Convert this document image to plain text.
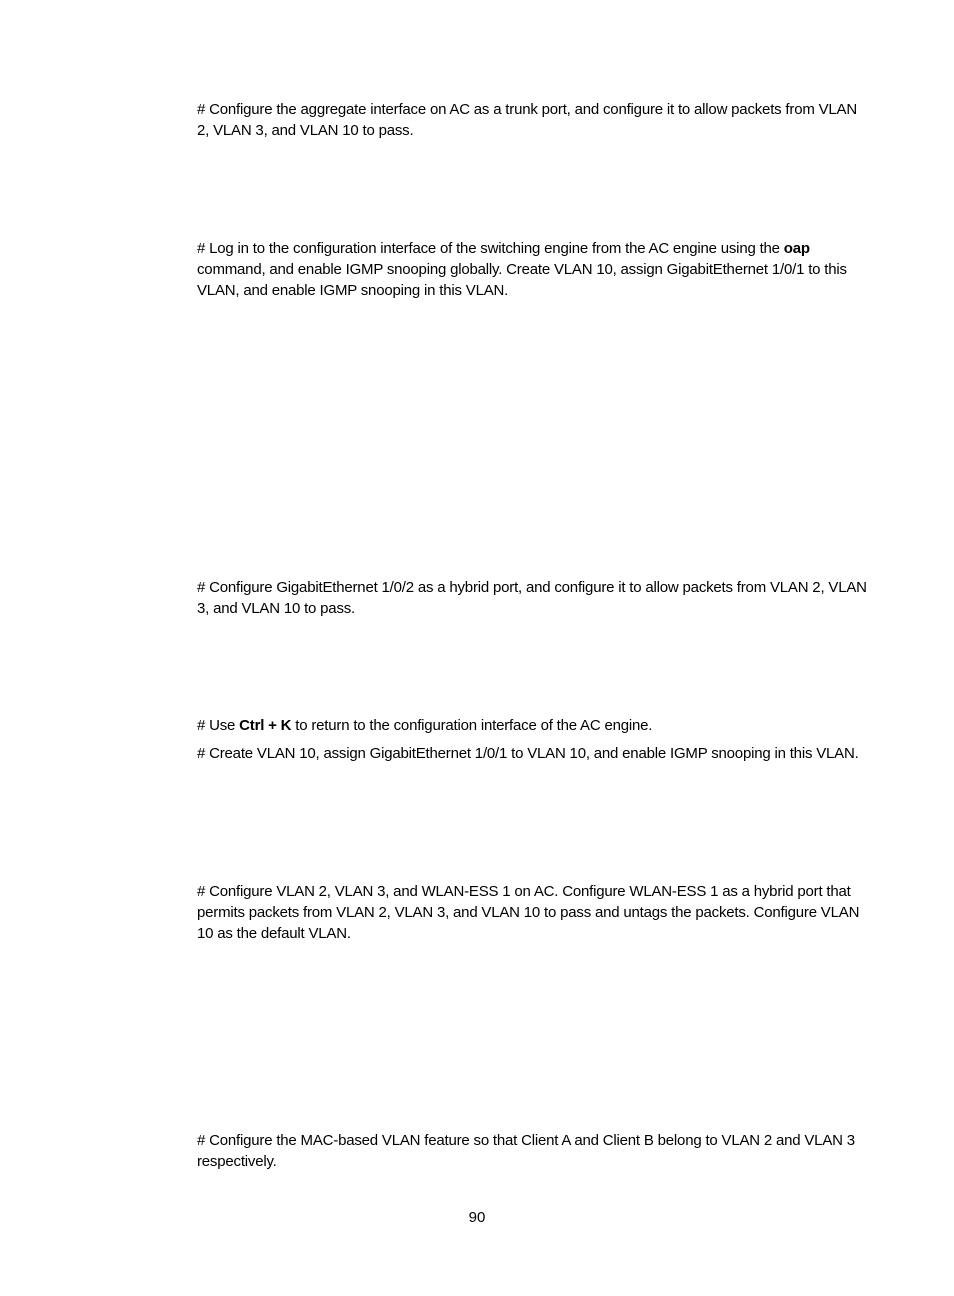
# Configure the aggregate interface on AC as a trunk port, and configure it to allow packets from VLAN 2, VLAN 3, and VLAN 10 to pass.

# Log in to the configuration interface of the switching engine from the AC engine using the oap command, and enable IGMP snooping globally. Create VLAN 10, assign GigabitEthernet 1/0/1 to this VLAN, and enable IGMP snooping in this VLAN.

# Configure GigabitEthernet 1/0/2 as a hybrid port, and configure it to allow packets from VLAN 2, VLAN 3, and VLAN 10 to pass.

# Use Ctrl + K to return to the configuration interface of the AC engine.

# Create VLAN 10, assign GigabitEthernet 1/0/1 to VLAN 10, and enable IGMP snooping in this VLAN.

# Configure VLAN 2, VLAN 3, and WLAN-ESS 1 on AC. Configure WLAN-ESS 1 as a hybrid port that permits packets from VLAN 2, VLAN 3, and VLAN 10 to pass and untags the packets. Configure VLAN 10 as the default VLAN.

# Configure the MAC-based VLAN feature so that Client A and Client B belong to VLAN 2 and VLAN 3 respectively.

90
